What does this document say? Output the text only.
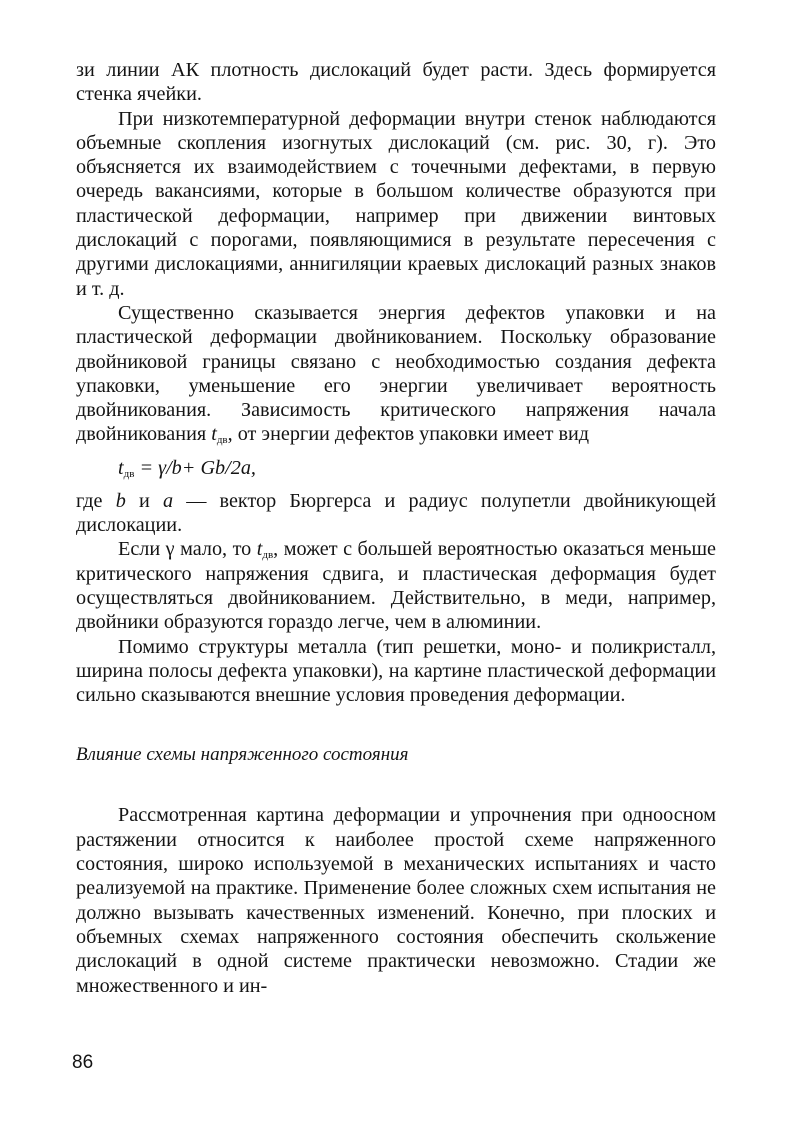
зи линии АК плотность дислокаций будет расти. Здесь формируется стенка ячейки.

При низкотемпературной деформации внутри стенок наблюдаются объемные скопления изогнутых дислокаций (см. рис. 30, г). Это объясняется их взаимодействием с точечными дефектами, в первую очередь вакансиями, которые в большом количестве образуются при пластической деформации, например при движении винтовых дислокаций с порогами, появляющимися в результате пересечения с другими дислокациями, аннигиляции краевых дислокаций разных знаков и т. д.

Существенно сказывается энергия дефектов упаковки и на пластической деформации двойникованием. Поскольку образование двойниковой границы связано с необходимостью создания дефекта упаковки, уменьшение его энергии увеличивает вероятность двойникования. Зависимость критического напряжения начала двойникования $t_{дв}$, от энергии дефектов упаковки имеет вид

$t_{дв} = \gamma/b+ Gb/2a$,

где b и a — вектор Бюргерса и радиус полупетли двойникующей дислокации.

Если γ мало, то $t_{дв}$, может с большей вероятностью оказаться меньше критического напряжения сдвига, и пластическая деформация будет осуществляться двойникованием. Действительно, в меди, например, двойники образуются гораздо легче, чем в алюминии.

Помимо структуры металла (тип решетки, моно- и поликристалл, ширина полосы дефекта упаковки), на картине пластической деформации сильно сказываются внешние условия проведения деформации.

Влияние схемы напряженного состояния

Рассмотренная картина деформации и упрочнения при одноосном растяжении относится к наиболее простой схеме напряженного состояния, широко используемой в механических испытаниях и часто реализуемой на практике. Применение более сложных схем испытания не должно вызывать качественных изменений. Конечно, при плоских и объемных схемах напряженного состояния обеспечить скольжение дислокаций в одной системе практически невозможно. Стадии же множественного и ин-

86
